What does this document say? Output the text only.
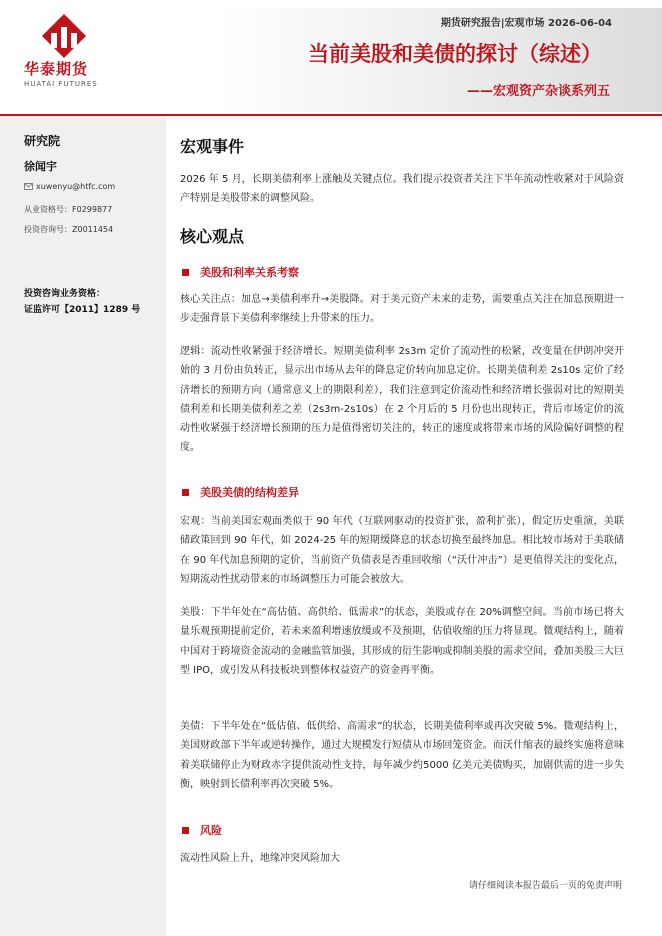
华泰期货
HUATAI FUTURES
期货研究报告|宏观市场 2026-06-04
当前美股和美债的探讨（综述）
——宏观资产杂谈系列五
研究院
徐闻宇
xuwenyu@htfc.com
从业资格号：F0299877
投资咨询号：Z0011454
投资咨询业务资格：
证监许可【2011】1289 号
宏观事件
2026 年 5 月，长期美债利率上涨触及关键点位。我们提示投资者关注下半年流动性收紧对于风险资产特别是美股带来的调整风险。
核心观点
美股和利率关系考察
核心关注点：加息→美债利率升→美股降。对于美元资产未来的走势，需要重点关注在加息预期进一步走强背景下美债利率继续上升带来的压力。
逻辑：流动性收紧强于经济增长。短期美债利率 2s3m 定价了流动性的松紧，改变量在伊朗冲突开始的 3 月份由负转正，显示出市场从去年的降息定价转向加息定价。长期美债利差 2s10s 定价了经济增长的预期方向（通常意义上的期限利差），我们注意到定价流动性和经济增长强弱对比的短期美债利差和长期美债利差之差（2s3m-2s10s）在 2 个月后的 5 月份也出现转正，背后市场定价的流动性收紧强于经济增长预期的压力是值得密切关注的，转正的速度或将带来市场的风险偏好调整的程度。
美股美债的结构差异
宏观：当前美国宏观面类似于 90 年代（互联网驱动的投资扩张，盈利扩张），假定历史重演，美联储政策回到 90 年代，如 2024-25 年的短期缓降息的状态切换至最终加息。相比较市场对于美联储在 90 年代加息预期的定价，当前资产负债表是否重回收缩（“沃什冲击”）是更值得关注的变化点，短期流动性扰动带来的市场调整压力可能会被放大。
美股：下半年处在“高估值、高供给、低需求”的状态，美股或存在 20%调整空间。当前市场已将大量乐观预期提前定价，若未来盈利增速放缓或不及预期，估值收缩的压力将显现。微观结构上，随着中国对于跨境资金流动的金融监管加强，其形成的衍生影响或抑制美股的需求空间，叠加美股三大巨型 IPO，或引发从科技板块到整体权益资产的资金再平衡。
美债：下半年处在“低估值、低供给、高需求”的状态，长期美债利率或再次突破 5%。微观结构上，美国财政部下半年或逆转操作，通过大规模发行短债从市场回笼资金。而沃什缩表的最终实施将意味着美联储停止为财政赤字提供流动性支持，每年减少约5000 亿美元美债购买，加剧供需的进一步失衡，映射到长债利率再次突破 5%。
风险
流动性风险上升，地缘冲突风险加大
请仔细阅读本报告最后一页的免责声明
